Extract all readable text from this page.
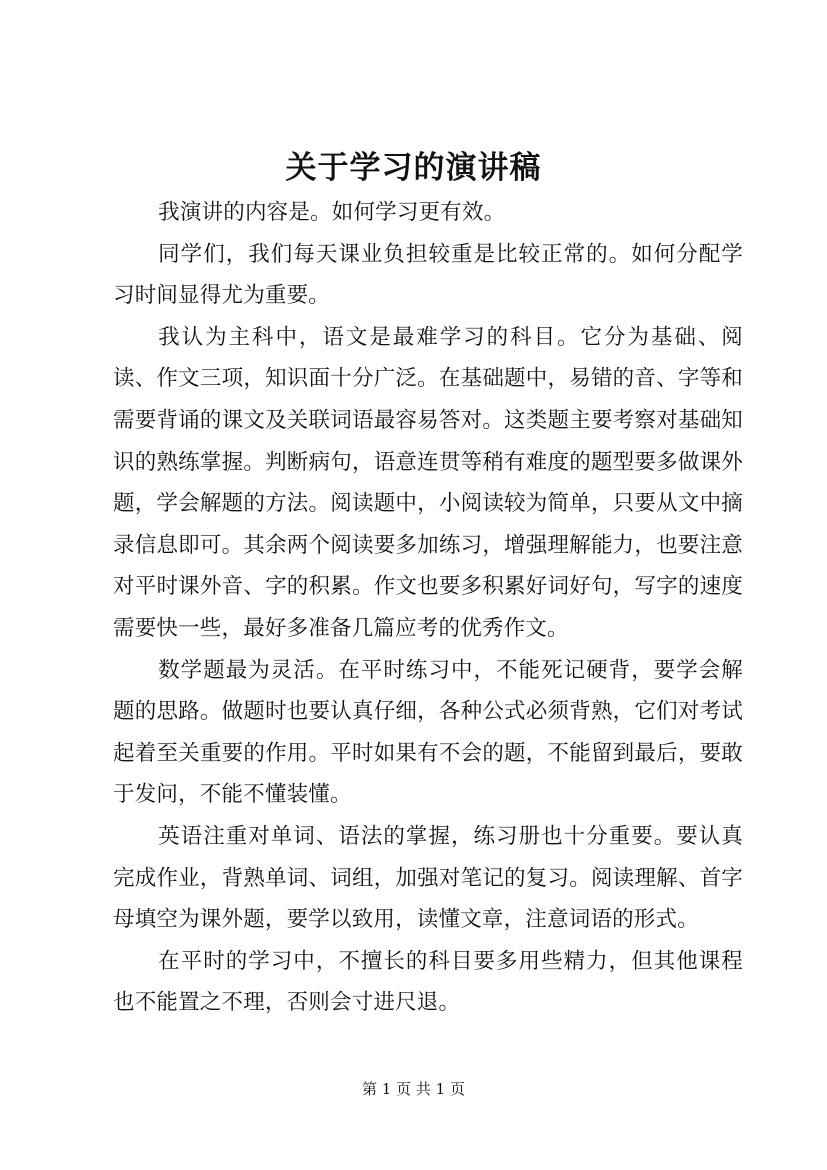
关于学习的演讲稿

我演讲的内容是。如何学习更有效。

同学们，我们每天课业负担较重是比较正常的。如何分配学习时间显得尤为重要。

我认为主科中，语文是最难学习的科目。它分为基础、阅读、作文三项，知识面十分广泛。在基础题中，易错的音、字等和需要背诵的课文及关联词语最容易答对。这类题主要考察对基础知识的熟练掌握。判断病句，语意连贯等稍有难度的题型要多做课外题，学会解题的方法。阅读题中，小阅读较为简单，只要从文中摘录信息即可。其余两个阅读要多加练习，增强理解能力，也要注意对平时课外音、字的积累。作文也要多积累好词好句，写字的速度需要快一些，最好多准备几篇应考的优秀作文。

数学题最为灵活。在平时练习中，不能死记硬背，要学会解题的思路。做题时也要认真仔细，各种公式必须背熟，它们对考试起着至关重要的作用。平时如果有不会的题，不能留到最后，要敢于发问，不能不懂装懂。

英语注重对单词、语法的掌握，练习册也十分重要。要认真完成作业，背熟单词、词组，加强对笔记的复习。阅读理解、首字母填空为课外题，要学以致用，读懂文章，注意词语的形式。

在平时的学习中，不擅长的科目要多用些精力，但其他课程也不能置之不理，否则会寸进尺退。

第 1 页 共 1 页
